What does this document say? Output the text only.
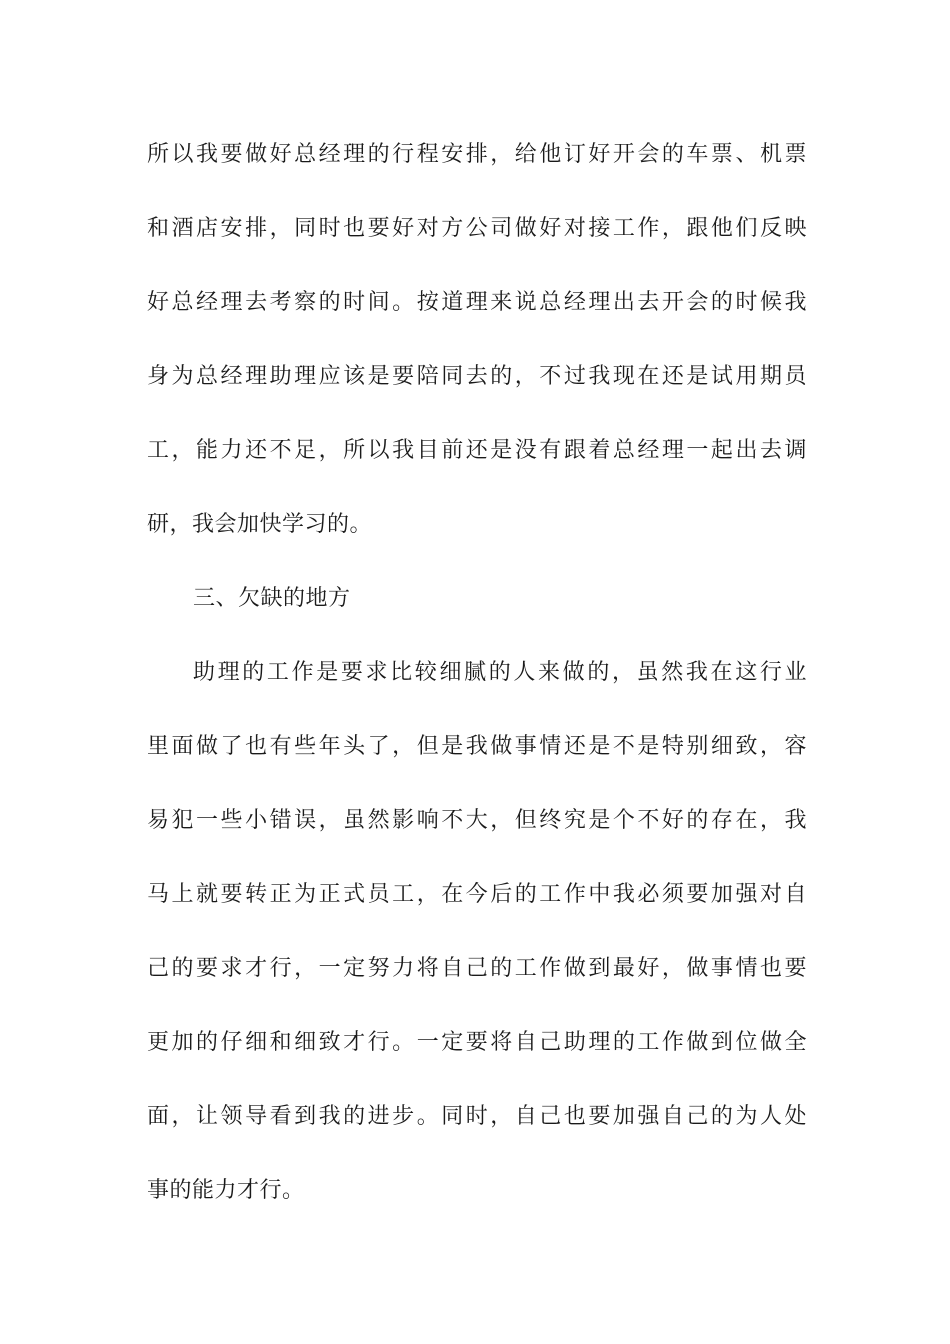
所以我要做好总经理的行程安排，给他订好开会的车票、机票
和酒店安排，同时也要好对方公司做好对接工作，跟他们反映
好总经理去考察的时间。按道理来说总经理出去开会的时候我
身为总经理助理应该是要陪同去的，不过我现在还是试用期员
工，能力还不足，所以我目前还是没有跟着总经理一起出去调
研，我会加快学习的。
三、欠缺的地方
助理的工作是要求比较细腻的人来做的，虽然我在这行业
里面做了也有些年头了，但是我做事情还是不是特别细致，容
易犯一些小错误，虽然影响不大，但终究是个不好的存在，我
马上就要转正为正式员工，在今后的工作中我必须要加强对自
己的要求才行，一定努力将自己的工作做到最好，做事情也要
更加的仔细和细致才行。一定要将自己助理的工作做到位做全
面，让领导看到我的进步。同时，自己也要加强自己的为人处
事的能力才行。
